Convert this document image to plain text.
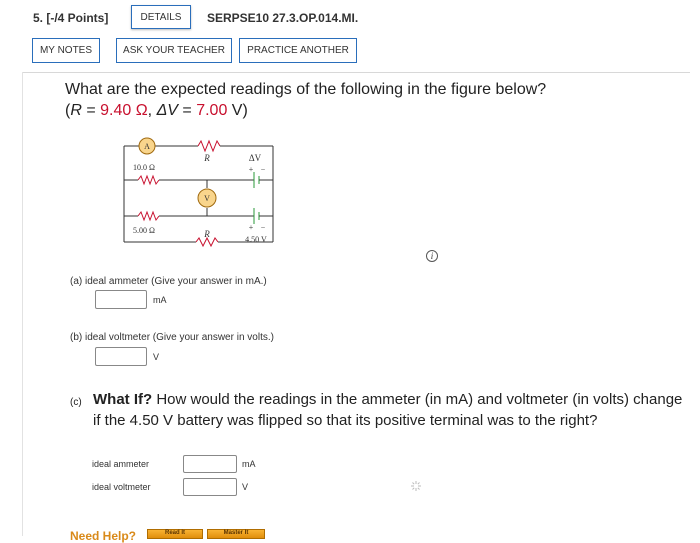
5. [-/4 Points]	DETAILS	SERPSE10 27.3.OP.014.MI.
MY NOTES	ASK YOUR TEACHER	PRACTICE ANOTHER
What are the expected readings of the following in the figure below?
(R = 9.40 Ω, ΔV = 7.00 V)
A
V
R	ΔV
+ −
10.0 Ω
5.00 Ω	R
+ −
4.50 V
i
(a) ideal ammeter (Give your answer in mA.)
mA
(b) ideal voltmeter (Give your answer in volts.)
V
(c) What If? How would the readings in the ammeter (in mA) and voltmeter (in volts) change if the 4.50 V battery was flipped so that its positive terminal was to the right?
ideal ammeter	mA
ideal voltmeter	V
Need Help?	Read It	Master It
